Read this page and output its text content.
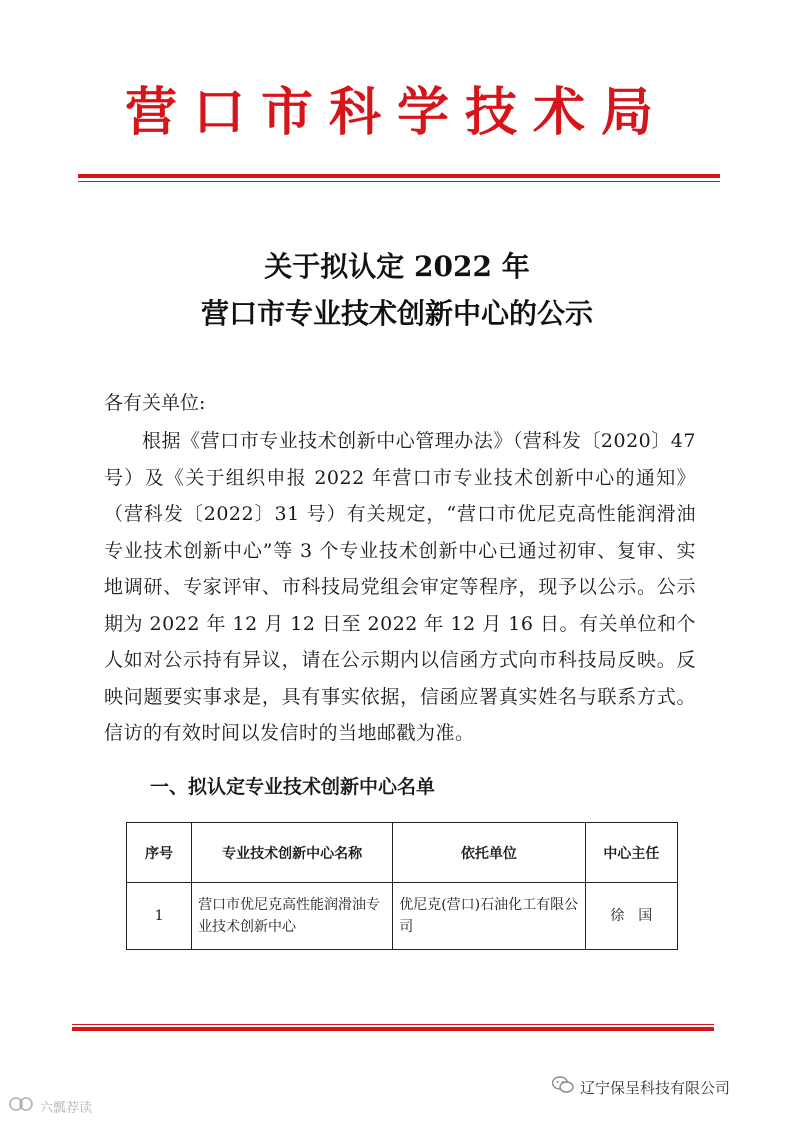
营口市科学技术局
关于拟认定 2022 年
营口市专业技术创新中心的公示
各有关单位:
根据《营口市专业技术创新中心管理办法》（营科发〔2020〕47 号）及《关于组织申报 2022 年营口市专业技术创新中心的通知》（营科发〔2022〕31 号）有关规定，“营口市优尼克高性能润滑油专业技术创新中心”等 3 个专业技术创新中心已通过初审、复审、实地调研、专家评审、市科技局党组会审定等程序，现予以公示。公示期为 2022 年 12 月 12 日至 2022 年 12 月 16 日。有关单位和个人如对公示持有异议，请在公示期内以信函方式向市科技局反映。反映问题要实事求是，具有事实依据，信函应署真实姓名与联系方式。信访的有效时间以发信时的当地邮戳为准。
一、拟认定专业技术创新中心名单
序号	专业技术创新中心名称	依托单位	中心主任
1	营口市优尼克高性能润滑油专业技术创新中心	优尼克(营口)石油化工有限公司	徐　国
辽宁保呈科技有限公司
六瓢荐读
